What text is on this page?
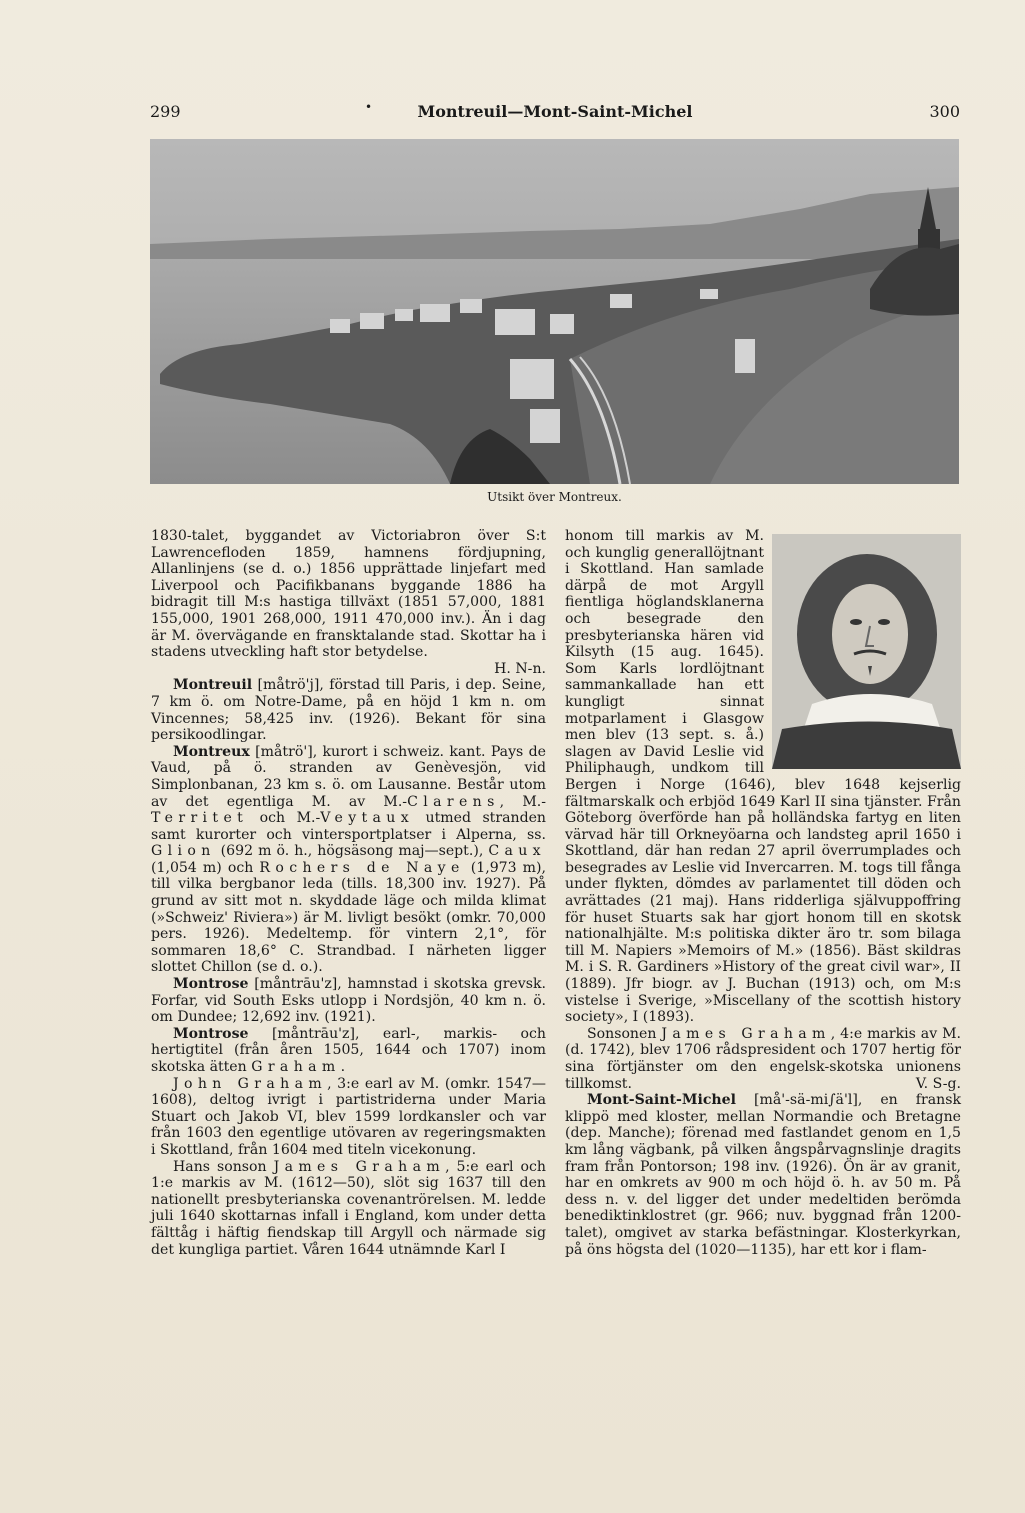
299	•	Montreuil—Mont-Saint-Michel	300
Utsikt över Montreux.

1830-talet, byggandet av Victoriabron över S:t Lawrencefloden 1859, hamnens fördjupning, Allanlinjens (se d. o.) 1856 upprättade linjefart med Liverpool och Pacifikbanans byggande 1886 ha bidragit till M:s hastiga tillväxt (1851 57,000, 1881 155,000, 1901 268,000, 1911 470,000 inv.). Än i dag är M. övervägande en fransktalande stad. Skottar ha i stadens utveckling haft stor betydelse.
H. N-n.

Montreuil [måtrö'j], förstad till Paris, i dep. Seine, 7 km ö. om Notre-Dame, på en höjd 1 km n. om Vincennes; 58,425 inv. (1926). Bekant för sina persikoodlingar.

Montreux [måtrö'], kurort i schweiz. kant. Pays de Vaud, på ö. stranden av Genèvesjön, vid Simplonbanan, 23 km s. ö. om Lausanne. Består utom av det egentliga M. av M.-Clarens, M.-Territet och M.-Veytaux utmed stranden samt kurorter och vintersportplatser i Alperna, ss. Glion (692 m ö. h., högsäsong maj—sept.), Caux (1,054 m) och Rochers de Naye (1,973 m), till vilka bergbanor leda (tills. 18,300 inv. 1927). På grund av sitt mot n. skyddade läge och milda klimat (»Schweiz' Riviera») är M. livligt besökt (omkr. 70,000 pers. 1926). Medeltemp. för vintern 2,1°, för sommaren 18,6° C. Strandbad. I närheten ligger slottet Chillon (se d. o.).

Montrose [måntrāu'z], hamnstad i skotska grevsk. Forfar, vid South Esks utlopp i Nordsjön, 40 km n. ö. om Dundee; 12,692 inv. (1921).

Montrose [måntrāu'z], earl-, markis- och hertigtitel (från åren 1505, 1644 och 1707) inom skotska ätten Graham.

John Graham, 3:e earl av M. (omkr. 1547—1608), deltog ivrigt i partistriderna under Maria Stuart och Jakob VI, blev 1599 lordkansler och var från 1603 den egentlige utövaren av regeringsmakten i Skottland, från 1604 med titeln vicekonung.

Hans sonson James Graham, 5:e earl och 1:e markis av M. (1612—50), slöt sig 1637 till den nationellt presbyterianska covenantrörelsen. M. ledde juli 1640 skottarnas infall i England, kom under detta fälttåg i häftig fiendskap till Argyll och närmade sig det kungliga partiet. Våren 1644 utnämnde Karl I

honom till markis av M. och kunglig generallöjtnant i Skottland. Han samlade därpå de mot Argyll fientliga höglandsklanerna och besegrade den presbyterianska hären vid Kilsyth (15 aug. 1645). Som Karls lordlöjtnant sammankallade han ett kungligt sinnat motparlament i Glasgow men blev (13 sept. s. å.) slagen av David Leslie vid Philiphaugh, undkom till Bergen i Norge (1646), blev 1648 kejserlig fältmarskalk och erbjöd 1649 Karl II sina tjänster. Från Göteborg överförde han på holländska fartyg en liten värvad här till Orkneyöarna och landsteg april 1650 i Skottland, där han redan 27 april överrumplades och besegrades av Leslie vid Invercarren. M. togs till fånga under flykten, dömdes av parlamentet till döden och avrättades (21 maj). Hans ridderliga självuppoffring för huset Stuarts sak har gjort honom till en skotsk nationalhjälte. M:s politiska dikter äro tr. som bilaga till M. Napiers »Memoirs of M.» (1856). Bäst skildras M. i S. R. Gardiners »History of the great civil war», II (1889). Jfr biogr. av J. Buchan (1913) och, om M:s vistelse i Sverige, »Miscellany of the scottish history society», I (1893).

Sonsonen James Graham, 4:e markis av M. (d. 1742), blev 1706 rådspresident och 1707 hertig för sina förtjänster om den engelsk-skotska unionens tillkomst.	V. S-g.

Mont-Saint-Michel [må'-sä-mi∫ä'l], en fransk klippö med kloster, mellan Normandie och Bretagne (dep. Manche); förenad med fastlandet genom en 1,5 km lång vägbank, på vilken ångspårvagnslinje dragits fram från Pontorson; 198 inv. (1926). Ön är av granit, har en omkrets av 900 m och höjd ö. h. av 50 m. På dess n. v. del ligger det under medeltiden berömda benediktinklostret (gr. 966; nuv. byggnad från 1200-talet), omgivet av starka befästningar. Klosterkyrkan, på öns högsta del (1020—1135), har ett kor i flam-
